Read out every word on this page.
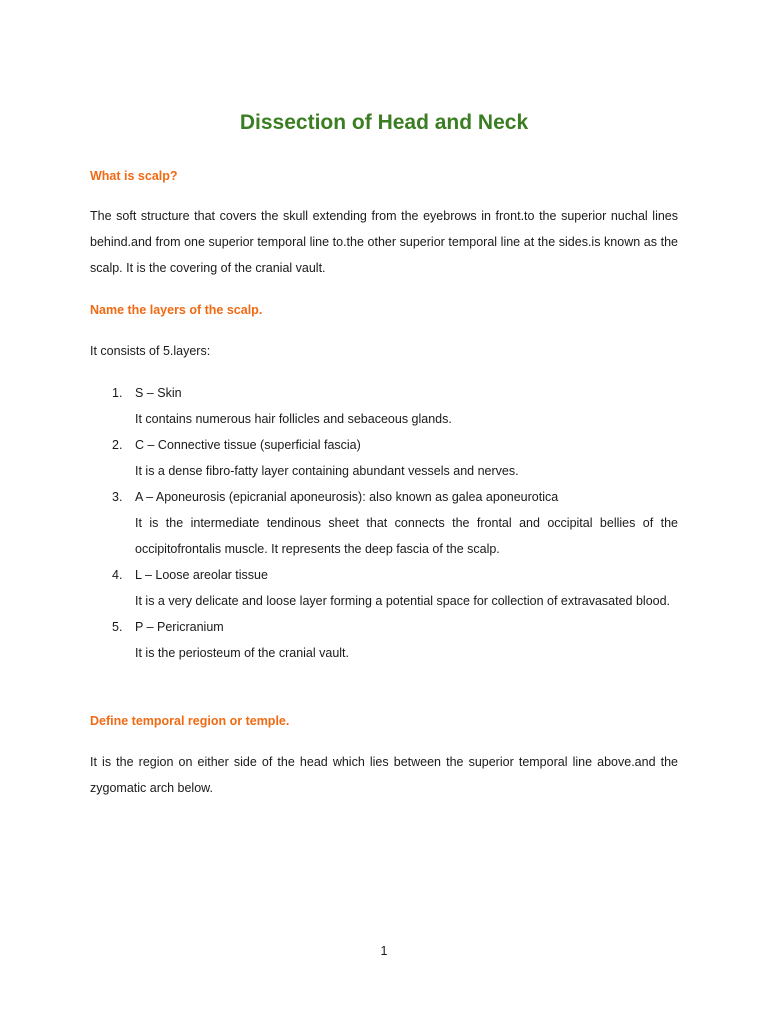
Dissection of Head and Neck
What is scalp?

The soft structure that covers the skull extending from the eyebrows in front.to the superior nuchal lines behind.and from one superior temporal line to.the other superior temporal line at the sides.is known as the scalp. It is the covering of the cranial vault.

Name the layers of the scalp.

It consists of 5.layers:

1. S – Skin
It contains numerous hair follicles and sebaceous glands.
2. C – Connective tissue (superficial fascia)
It is a dense fibro-fatty layer containing abundant vessels and nerves.
3. A – Aponeurosis (epicranial aponeurosis): also known as galea aponeurotica
It is the intermediate tendinous sheet that connects the frontal and occipital bellies of the occipitofrontalis muscle. It represents the deep fascia of the scalp.
4. L – Loose areolar tissue
It is a very delicate and loose layer forming a potential space for collection of extravasated blood.
5. P – Pericranium
It is the periosteum of the cranial vault.
Define temporal region or temple.

It is the region on either side of the head which lies between the superior temporal line above.and the zygomatic arch below.

1
